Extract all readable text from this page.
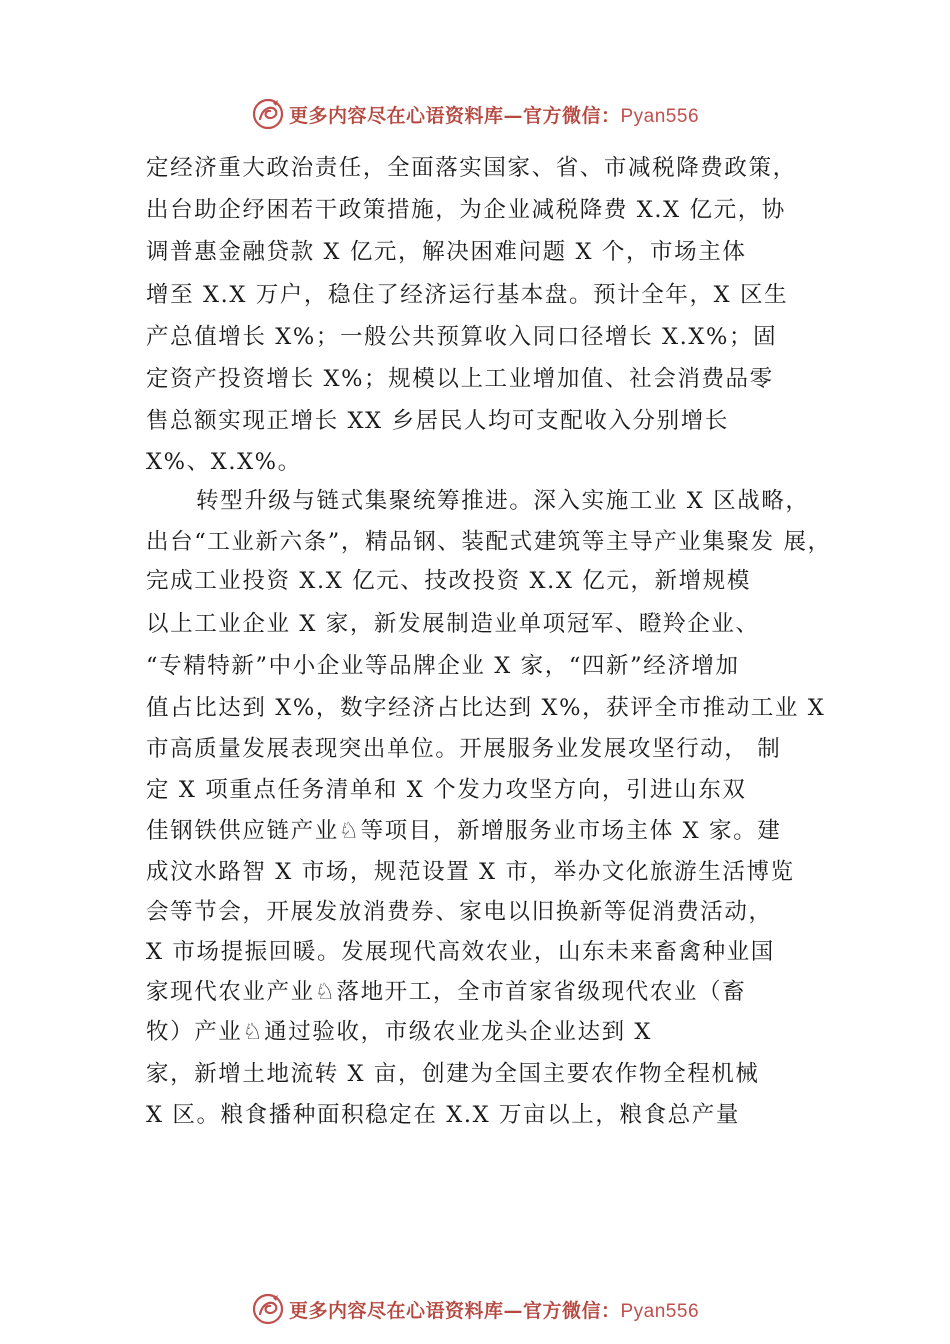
更多内容尽在心语资料库—官方微信：Pyan556
定经济重大政治责任，全面落实国家、省、市减税降费政策，
出台助企纾困若干政策措施，为企业减税降费 X.X 亿元，协
调普惠金融贷款 X 亿元，解决困难问题 X 个，市场主体
增至 X.X 万户，稳住了经济运行基本盘。预计全年，X 区生
产总值增长 X%；一般公共预算收入同口径增长 X.X%；固
定资产投资增长 X%；规模以上工业增加值、社会消费品零
售总额实现正增长 XX 乡居民人均可支配收入分别增长
X%、X.X%。
转型升级与链式集聚统筹推进。深入实施工业 X 区战略，
出台“工业新六条”，精品钢、装配式建筑等主导产业集聚发 展，
完成工业投资 X.X 亿元、技改投资 X.X 亿元，新增规模
以上工业企业 X 家，新发展制造业单项冠军、瞪羚企业、
“专精特新”中小企业等品牌企业 X 家，“四新”经济增加
值占比达到 X%，数字经济占比达到 X%，获评全市推动工业 X
市高质量发展表现突出单位。开展服务业发展攻坚行动， 制
定 X 项重点任务清单和 X 个发力攻坚方向，引进山东双
佳钢铁供应链产业♘等项目，新增服务业市场主体 X 家。建
成汶水路智 X 市场，规范设置 X 市，举办文化旅游生活博览
会等节会，开展发放消费券、家电以旧换新等促消费活动，
X 市场提振回暖。发展现代高效农业，山东未来畜禽种业国
家现代农业产业♘落地开工，全市首家省级现代农业（畜
牧）产业♘通过验收，市级农业龙头企业达到 X
家，新增土地流转 X 亩，创建为全国主要农作物全程机械
X 区。粮食播种面积稳定在 X.X 万亩以上，粮食总产量
更多内容尽在心语资料库—官方微信：Pyan556
